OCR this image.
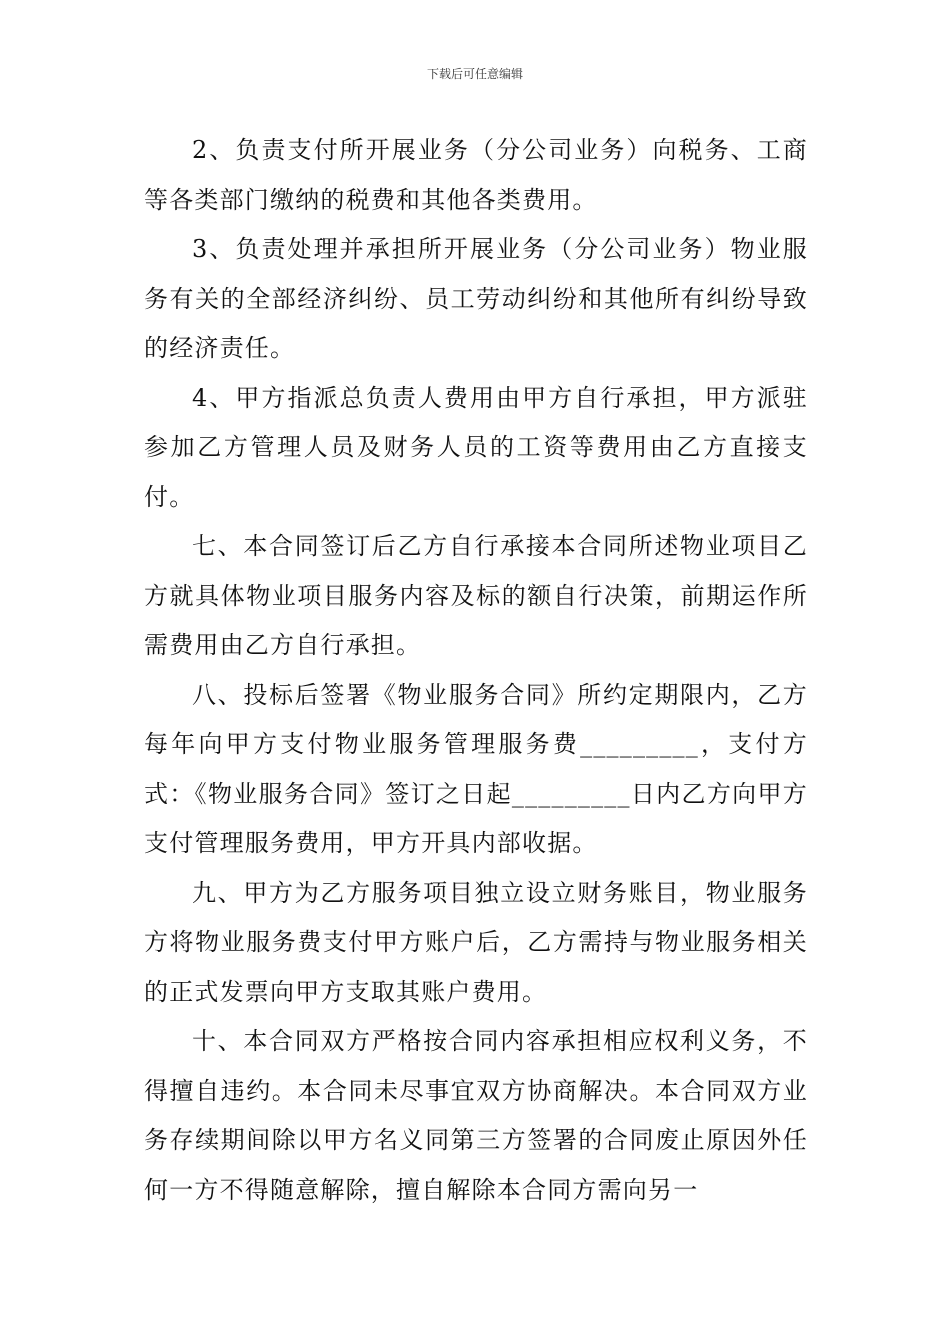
下载后可任意编辑

2、负责支付所开展业务（分公司业务）向税务、工商等各类部门缴纳的税费和其他各类费用。

3、负责处理并承担所开展业务（分公司业务）物业服务有关的全部经济纠纷、员工劳动纠纷和其他所有纠纷导致的经济责任。

4、甲方指派总负责人费用由甲方自行承担，甲方派驻参加乙方管理人员及财务人员的工资等费用由乙方直接支付。

七、本合同签订后乙方自行承接本合同所述物业项目乙方就具体物业项目服务内容及标的额自行决策，前期运作所需费用由乙方自行承担。

八、投标后签署《物业服务合同》所约定期限内，乙方每年向甲方支付物业服务管理服务费_________，支付方式：《物业服务合同》签订之日起_________日内乙方向甲方支付管理服务费用，甲方开具内部收据。

九、甲方为乙方服务项目独立设立财务账目，物业服务方将物业服务费支付甲方账户后，乙方需持与物业服务相关的正式发票向甲方支取其账户费用。

十、本合同双方严格按合同内容承担相应权利义务，不得擅自违约。本合同未尽事宜双方协商解决。本合同双方业务存续期间除以甲方名义同第三方签署的合同废止原因外任何一方不得随意解除，擅自解除本合同方需向另一
